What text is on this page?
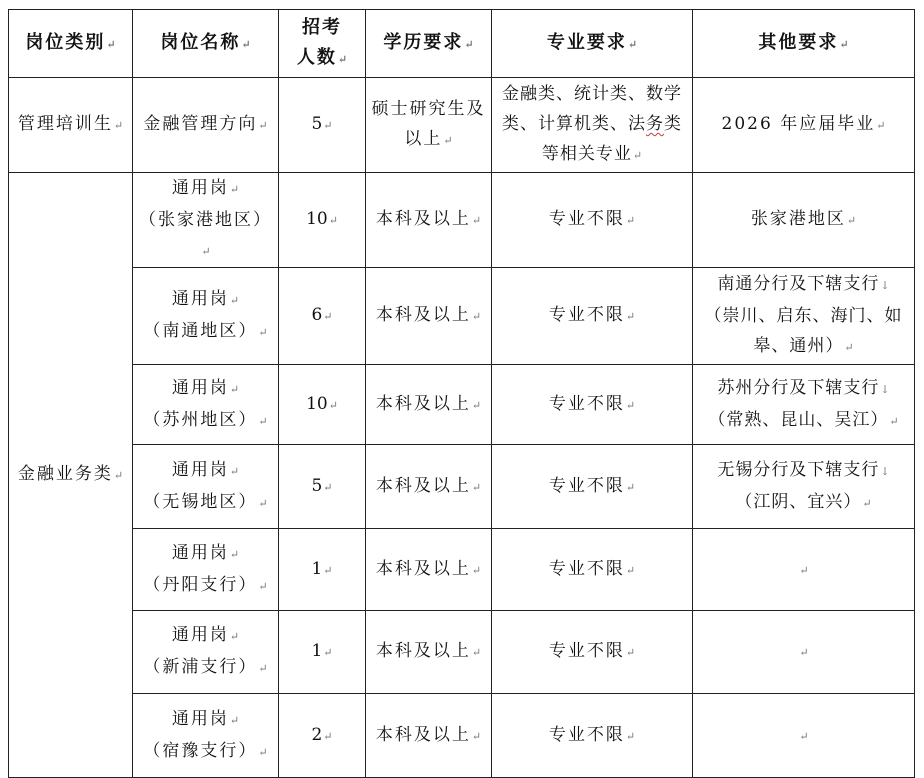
岗位类别↵	岗位名称↵	招考
人数↵	学历要求↵	专业要求↵	其他要求↵
管理培训生↵	金融管理方向↵	5↵	硕士研究生及
以上↵	金融类、统计类、数学
类、计算机类、法务类
等相关专业↵	2026 年应届毕业↵
金融业务类↵	通用岗↵
（张家港地区）↵	10↵	本科及以上↵	专业不限↵	张家港地区↵

	通用岗↵
（南通地区）↵	6↵	本科及以上↵	专业不限↵	南通分行及下辖支行↓
（崇川、启东、海门、如
皋、通州）↵

	通用岗↵
（苏州地区）↵	10↵	本科及以上↵	专业不限↵	苏州分行及下辖支行↓
（常熟、昆山、吴江）↵

	通用岗↵
（无锡地区）↵	5↵	本科及以上↵	专业不限↵	无锡分行及下辖支行↓
（江阴、宜兴）↵

	通用岗↵
（丹阳支行）↵	1↵	本科及以上↵	专业不限↵	↵

	通用岗↵
（新浦支行）↵	1↵	本科及以上↵	专业不限↵	↵

	通用岗↵
（宿豫支行）↵	2↵	本科及以上↵	专业不限↵	↵
